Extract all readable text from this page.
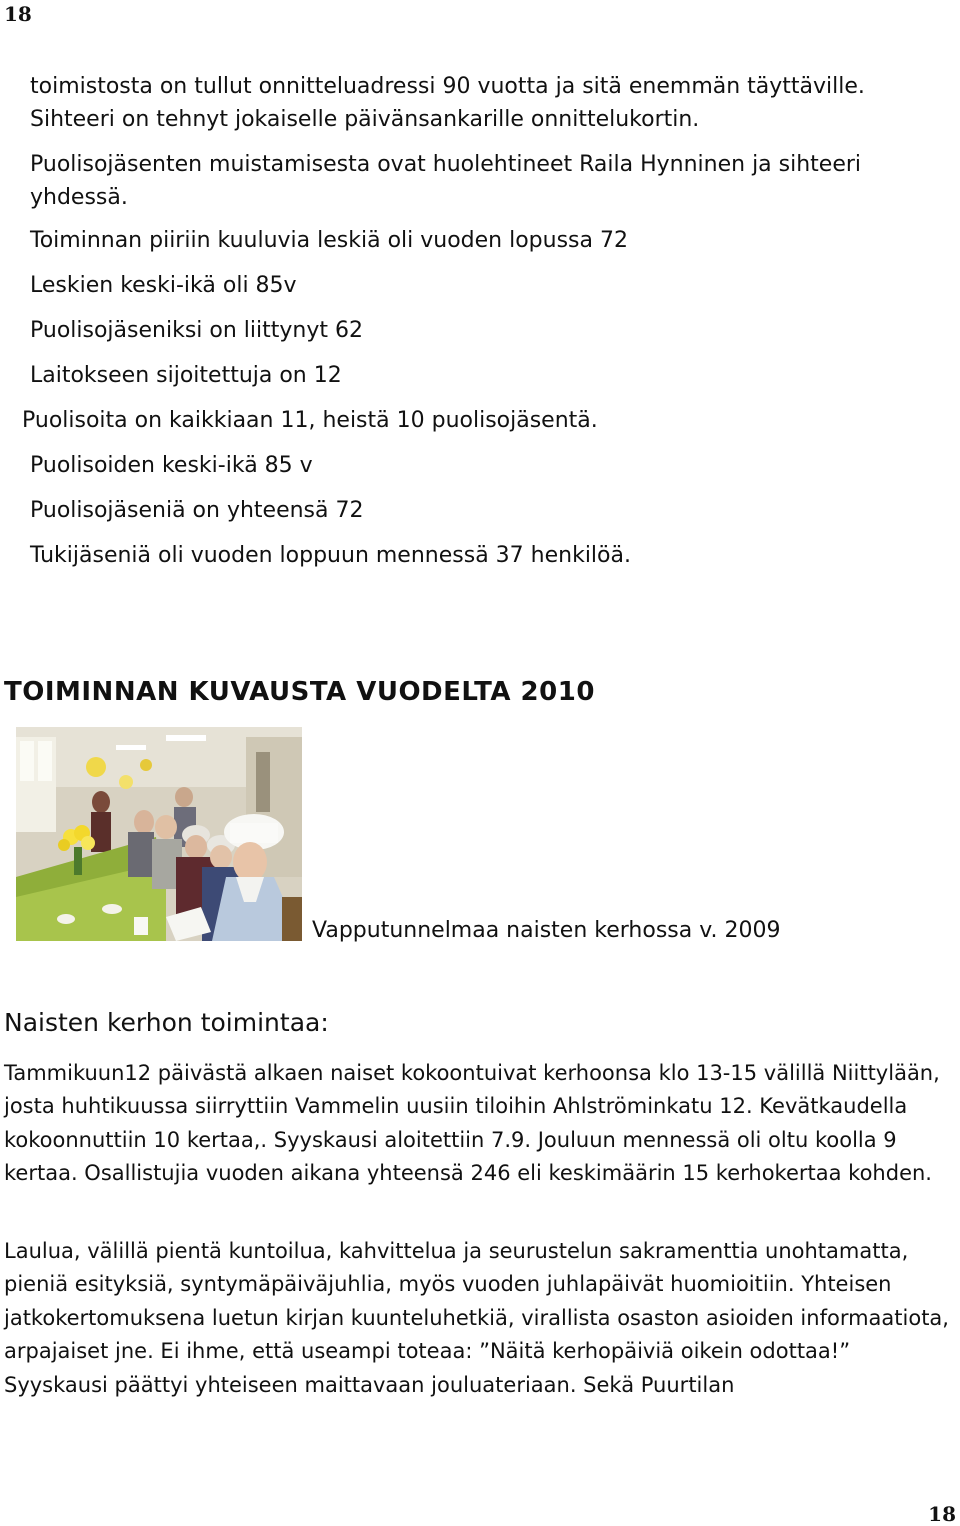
18

toimistosta on tullut onnitteluadressi 90 vuotta ja sitä enemmän täyttäville. Sihteeri on tehnyt jokaiselle päivänsankarille onnittelukortin.

Puolisojäsenten muistamisesta ovat huolehtineet Raila Hynninen ja sihteeri yhdessä.

Toiminnan piiriin kuuluvia leskiä oli vuoden lopussa 72
Leskien keski-ikä oli 85v
Puolisojäseniksi on liittynyt 62
Laitokseen sijoitettuja on 12
Puolisoita on kaikkiaan 11, heistä 10 puolisojäsentä.
Puolisoiden keski-ikä 85 v
Puolisojäseniä on yhteensä 72
Tukijäseniä oli vuoden loppuun mennessä 37 henkilöä.
TOIMINNAN KUVAUSTA VUODELTA 2010
Vapputunnelmaa naisten kerhossa v. 2009
Naisten kerhon toimintaa:

Tammikuun12 päivästä alkaen naiset kokoontuivat kerhoonsa klo 13-15 välillä Niittylään, josta huhtikuussa siirryttiin Vammelin uusiin tiloihin Ahlströminkatu 12. Kevätkaudella kokoonnuttiin 10 kertaa,. Syyskausi aloitettiin 7.9. Jouluun mennessä oli oltu koolla 9 kertaa. Osallistujia vuoden aikana yhteensä 246 eli keskimäärin 15 kerhokertaa kohden.

Laulua, välillä pientä kuntoilua, kahvittelua ja seurustelun sakramenttia unohtamatta, pieniä esityksiä, syntymäpäiväjuhlia, myös vuoden juhlapäivät huomioitiin. Yhteisen jatkokertomuksena luetun kirjan kuunteluhetkiä, virallista osaston asioiden informaatiota, arpajaiset jne. Ei ihme, että useampi toteaa: ”Näitä kerhopäiviä oikein odottaa!” Syyskausi päättyi yhteiseen maittavaan jouluateriaan. Sekä Puurtilan

18
